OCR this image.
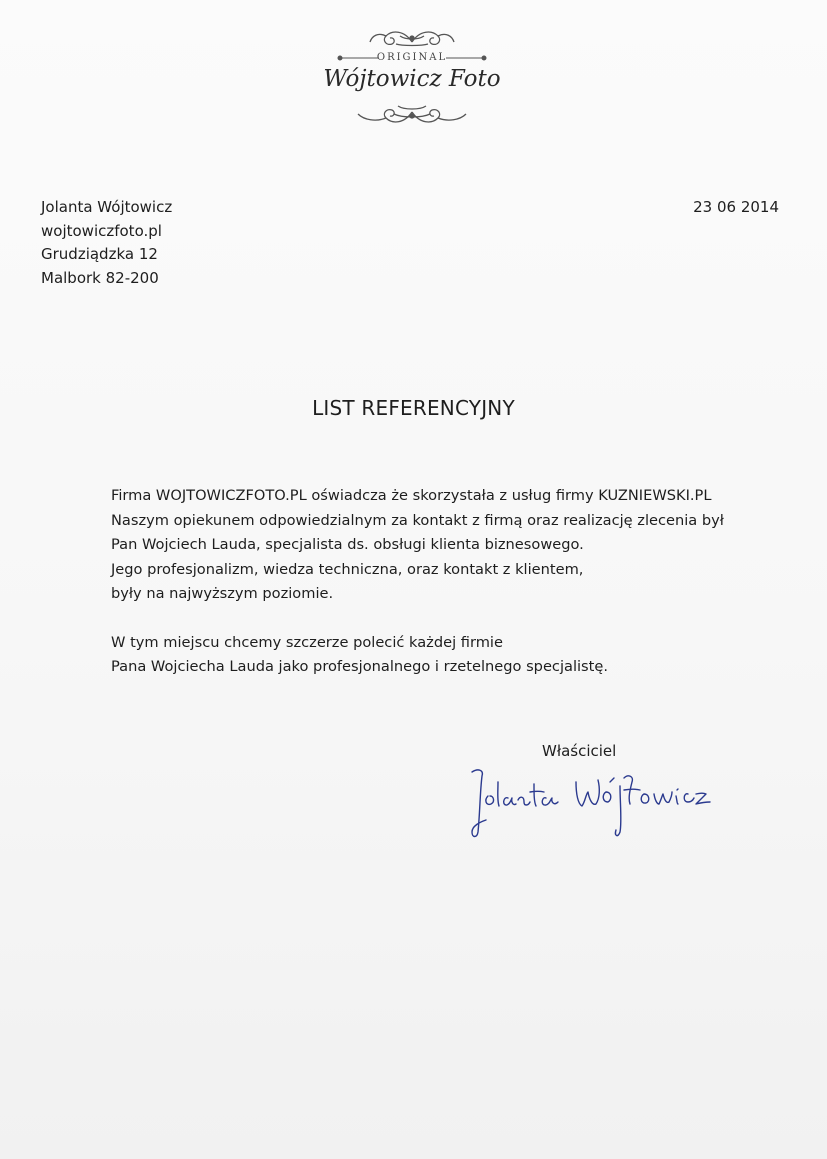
ORIGINAL
Wójtowicz Foto
Jolanta Wójtowicz
wojtowiczfoto.pl
Grudziądzka 12
Malbork 82-200
23 06 2014
LIST REFERENCYJNY
Firma WOJTOWICZFOTO.PL oświadcza że skorzystała z usług firmy KUZNIEWSKI.PL
Naszym opiekunem odpowiedzialnym za kontakt z firmą oraz realizację zlecenia był
Pan Wojciech Lauda, specjalista ds. obsługi klienta biznesowego.
Jego profesjonalizm, wiedza techniczna, oraz kontakt z klientem,
były na najwyższym poziomie.
W tym miejscu chcemy szczerze polecić każdej firmie
Pana Wojciecha Lauda jako profesjonalnego i rzetelnego specjalistę.
Właściciel
